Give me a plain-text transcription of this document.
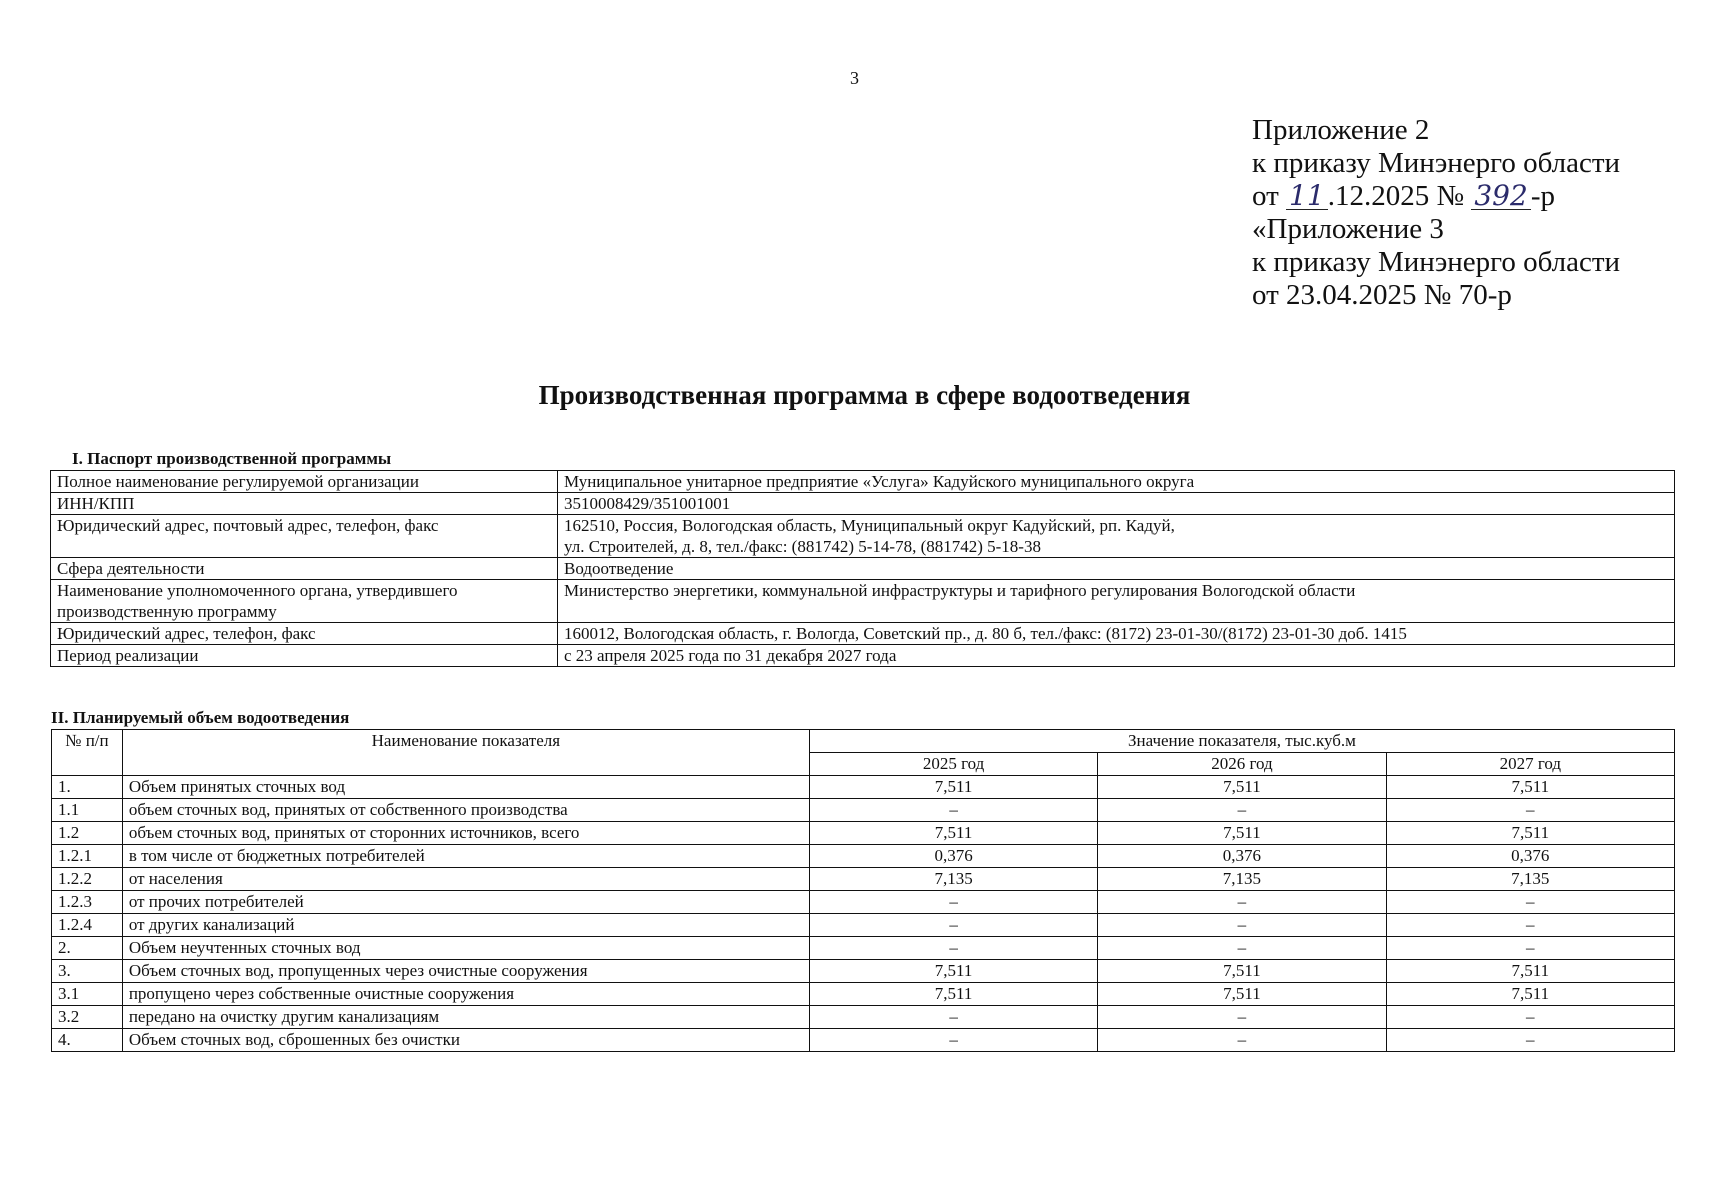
3
Приложение 2
к приказу Минэнерго области
от 11 .12.2025 № 392 -р
«Приложение 3
к приказу Минэнерго области
от 23.04.2025 № 70-р
Производственная программа в сфере водоотведения
I. Паспорт производственной программы
Полное наименование регулируемой организации	Муниципальное унитарное предприятие «Услуга» Кадуйского муниципального округа

ИНН/КПП	3510008429/351001001

Юридический адрес, почтовый адрес, телефон, факс	162510, Россия, Вологодская область, Муниципальный округ Кадуйский, рп. Кадуй,
ул. Строителей, д. 8, тел./факс: (881742) 5-14-78, (881742) 5-18-38

Сфера деятельности	Водоотведение

Наименование уполномоченного органа, утвердившего производственную программу	Министерство энергетики, коммунальной инфраструктуры и тарифного регулирования Вологодской области

Юридический адрес, телефон, факс	160012, Вологодская область, г. Вологда, Советский пр., д. 80 б, тел./факс: (8172) 23-01-30/(8172) 23-01-30 доб. 1415

Период реализации	с 23 апреля 2025 года по 31 декабря 2027 года
II. Планируемый объем водоотведения
№ п/п	Наименование показателя	Значение показателя, тыс.куб.м		
		2025 год	2026 год	2027 год
1.	Объем принятых сточных вод	7,511	7,511	7,511
1.1	объем сточных вод, принятых от собственного производства	–	–	–
1.2	объем сточных вод, принятых от сторонних источников, всего	7,511	7,511	7,511
1.2.1	в том числе от бюджетных потребителей	0,376	0,376	0,376
1.2.2	от населения	7,135	7,135	7,135
1.2.3	от прочих потребителей	–	–	–
1.2.4	от других канализаций	–	–	–
2.	Объем неучтенных сточных вод	–	–	–
3.	Объем сточных вод, пропущенных через очистные сооружения	7,511	7,511	7,511
3.1	пропущено через собственные очистные сооружения	7,511	7,511	7,511
3.2	передано на очистку другим канализациям	–	–	–
4.	Объем сточных вод, сброшенных без очистки	–	–	–
